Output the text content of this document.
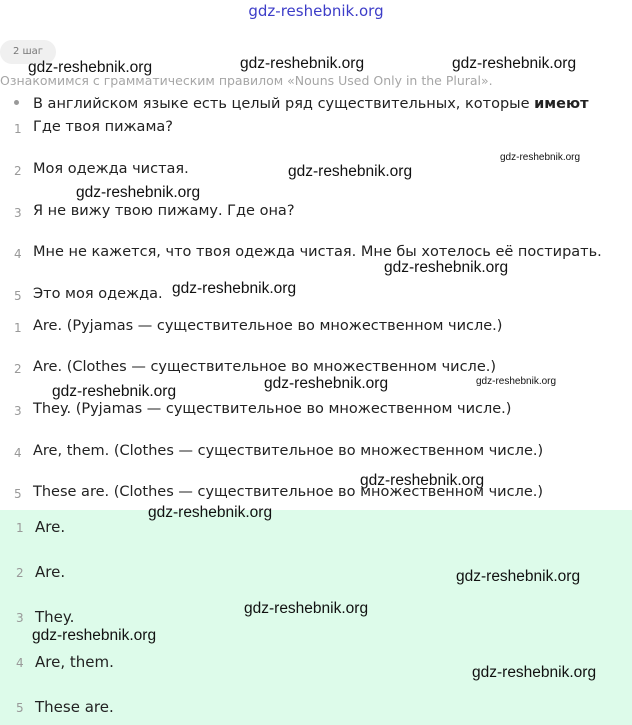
gdz-reshebnik.org
2 шаг
Ознакомимся с грамматическим правилом «Nouns Used Only in the Plural».
В английском языке есть целый ряд существительных, которые имеют
1 Где твоя пижама?
2 Моя одежда чистая.
3 Я не вижу твою пижаму. Где она?
4 Мне не кажется, что твоя одежда чистая. Мне бы хотелось её постирать.
5 Это моя одежда.
1 Are. (Pyjamas — существительное во множественном числе.)
2 Are. (Clothes — существительное во множественном числе.)
3 They. (Pyjamas — существительное во множественном числе.)
4 Are, them. (Clothes — существительное во множественном числе.)
5 These are. (Clothes — существительное во множественном числе.)
1 Are.
2 Are.
3 They.
4 Are, them.
5 These are.
gdz-reshebnik.org	gdz-reshebnik.org	gdz-reshebnik.org
gdz-reshebnik.org
gdz-reshebnik.org
gdz-reshebnik.org
gdz-reshebnik.org
gdz-reshebnik.org
gdz-reshebnik.org
gdz-reshebnik.org
gdz-reshebnik.org
gdz-reshebnik.org
gdz-reshebnik.org
gdz-reshebnik.org
gdz-reshebnik.org
gdz-reshebnik.org
gdz-reshebnik.org
